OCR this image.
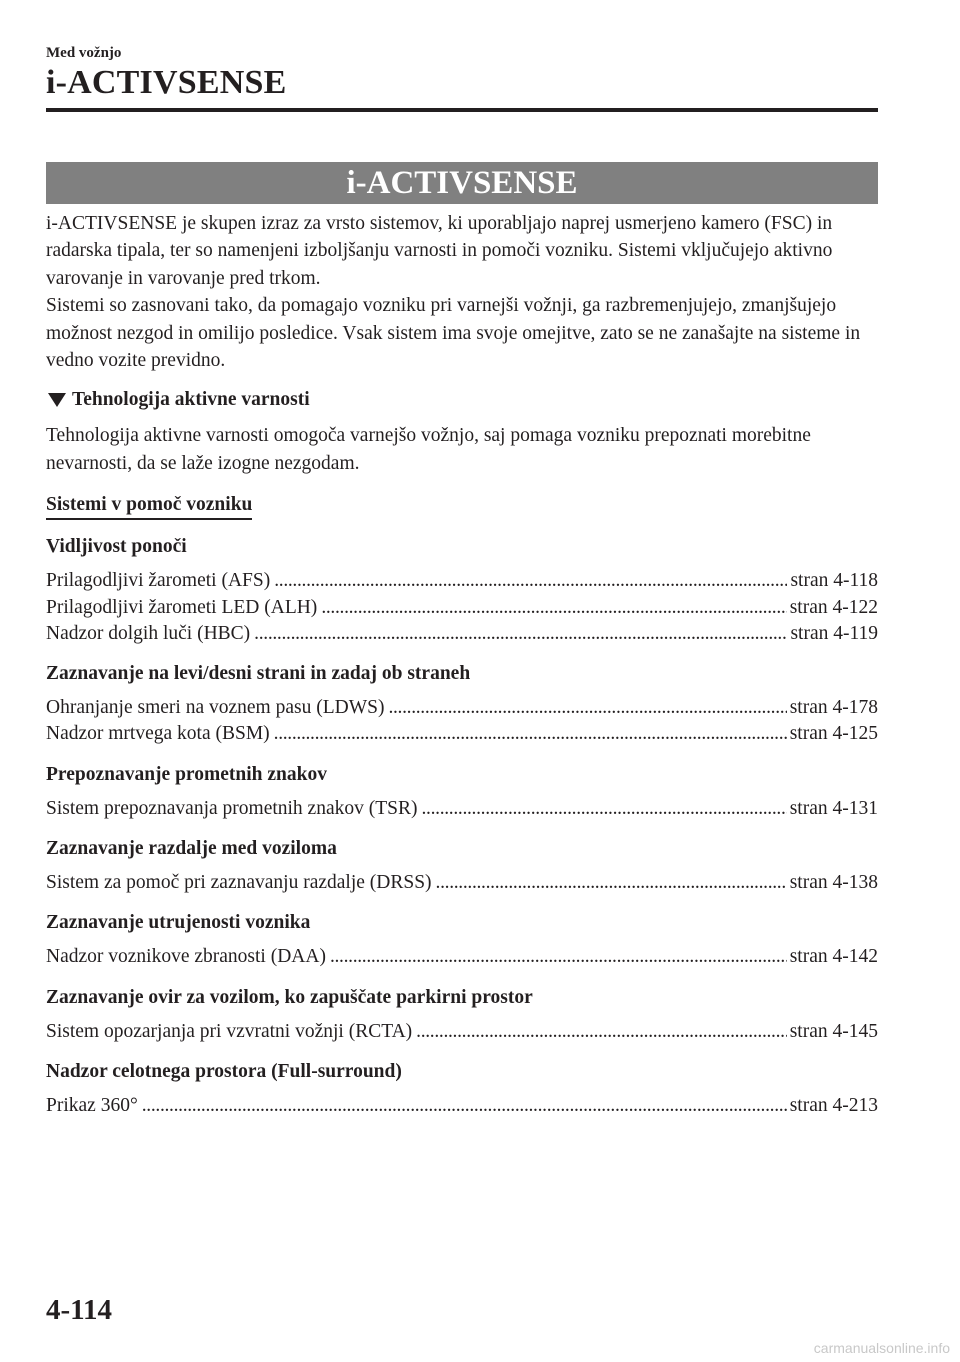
Med vožnjo
i-ACTIVSENSE
i-ACTIVSENSE

i-ACTIVSENSE je skupen izraz za vrsto sistemov, ki uporabljajo naprej usmerjeno kamero (FSC) in radarska tipala, ter so namenjeni izboljšanju varnosti in pomoči vozniku. Sistemi vključujejo aktivno varovanje in varovanje pred trkom.

Sistemi so zasnovani tako, da pomagajo vozniku pri varnejši vožnji, ga razbremenjujejo, zmanjšujejo možnost nezgod in omilijo posledice. Vsak sistem ima svoje omejitve, zato se ne zanašajte na sisteme in vedno vozite previdno.

Tehnologija aktivne varnosti

Tehnologija aktivne varnosti omogoča varnejšo vožnjo, saj pomaga vozniku prepoznati morebitne nevarnosti, da se laže izogne nezgodam.

Sistemi v pomoč vozniku
Vidljivost ponoči
Prilagodljivi žarometi (AFS) . . .	stran 4-118
Prilagodljivi žarometi LED (ALH) . . .	stran 4-122
Nadzor dolgih luči (HBC) . . .	stran 4-119
Zaznavanje na levi/desni strani in zadaj ob straneh
Ohranjanje smeri na voznem pasu (LDWS) . . .	stran 4-178
Nadzor mrtvega kota (BSM) . . .	stran 4-125
Prepoznavanje prometnih znakov
Sistem prepoznavanja prometnih znakov (TSR) . . .	stran 4-131
Zaznavanje razdalje med voziloma
Sistem za pomoč pri zaznavanju razdalje (DRSS) . . .	stran 4-138
Zaznavanje utrujenosti voznika
Nadzor voznikove zbranosti (DAA) . . .	stran 4-142
Zaznavanje ovir za vozilom, ko zapuščate parkirni prostor
Sistem opozarjanja pri vzvratni vožnji (RCTA) . . .	stran 4-145
Nadzor celotnega prostora (Full-surround)
Prikaz 360° . . .	stran 4-213
4-114
carmanualsonline.info
